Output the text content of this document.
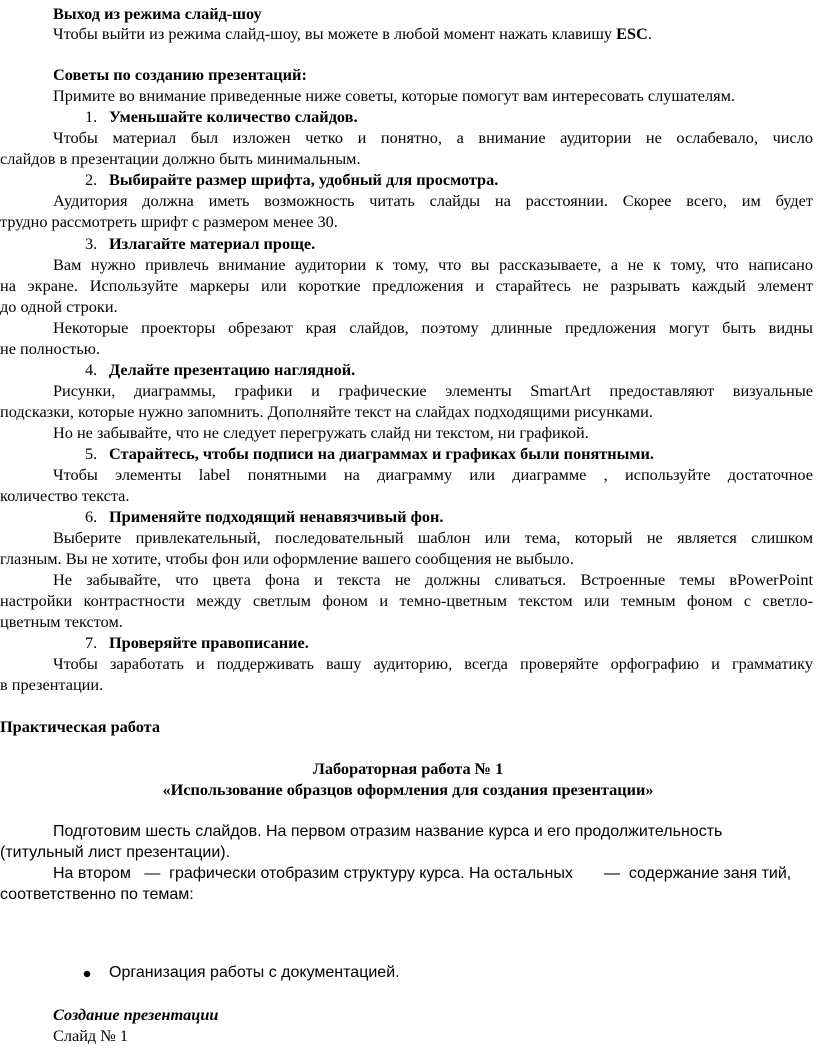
Выход из режима слайд-шоу
Чтобы выйти из режима слайд-шоу, вы можете в любой момент нажать клавишу ESC.
Советы по созданию презентаций:
Примите во внимание приведенные ниже советы, которые помогут вам интересовать слушателям.
1. Уменьшайте количество слайдов.
Чтобы материал был изложен четко и понятно, а внимание аудитории не ослабевало, число
слайдов в презентации должно быть минимальным.
2. Выбирайте размер шрифта, удобный для просмотра.
Аудитория должна иметь возможность читать слайды на расстоянии. Скорее всего, им будет
трудно рассмотреть шрифт с размером менее 30.
3. Излагайте материал проще.
Вам нужно привлечь внимание аудитории к тому, что вы рассказываете, а не к тому, что написано
на экране. Используйте маркеры или короткие предложения и старайтесь не разрывать каждый элемент
до одной строки.
Некоторые проекторы обрезают края слайдов, поэтому длинные предложения могут быть видны
не полностью.
4. Делайте презентацию наглядной.
Рисунки, диаграммы, графики и графические элементы SmartArt предоставляют визуальные
подсказки, которые нужно запомнить. Дополняйте текст на слайдах подходящими рисунками.
Но не забывайте, что не следует перегружать слайд ни текстом, ни графикой.
5. Старайтесь, чтобы подписи на диаграммах и графиках были понятными.
Чтобы элементы label понятными на диаграмму или диаграмме , используйте достаточное
количество текста.
6. Применяйте подходящий ненавязчивый фон.
Выберите привлекательный, последовательный шаблон или тема, который не является слишком
глазным. Вы не хотите, чтобы фон или оформление вашего сообщения не выбыло.
Не забывайте, что цвета фона и текста не должны сливаться. Встроенные темы вPowerPoint
настройки контрастности между светлым фоном и темно-цветным текстом или темным фоном с светло-
цветным текстом.
7. Проверяйте правописание.
Чтобы заработать и поддерживать вашу аудиторию, всегда проверяйте орфографию и грамматику
в презентации.
Практическая работа
Лабораторная работа № 1
«Использование образцов оформления для создания презентации»
Подготовим шесть слайдов. На первом отразим название курса и его продолжительность
(титульный лист презентации).
На втором   —  графически отобразим структуру курса. На остальных       —  содержание заня тий,
соответственно по темам:
Организация работы с документацией.
Создание презентации
Слайд № 1
